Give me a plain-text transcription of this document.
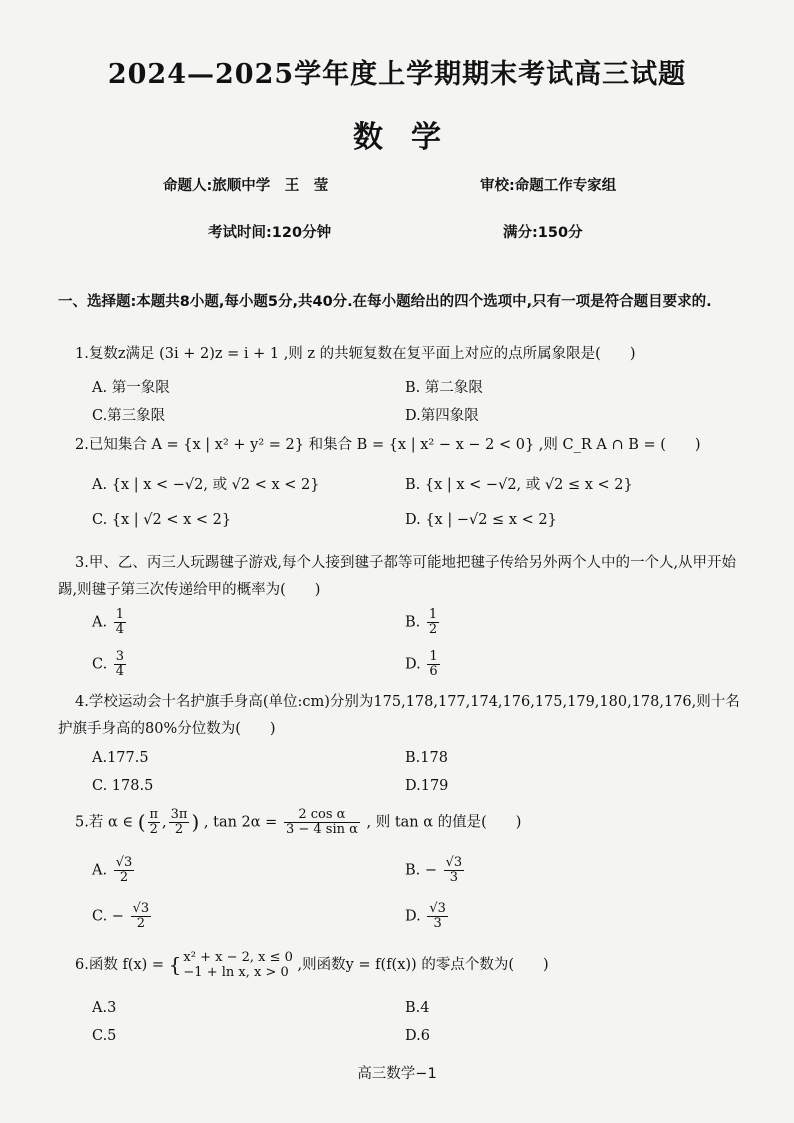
2024—2025学年度上学期期末考试高三试题
数学
命题人:旅顺中学　王　莹	审校:命题工作专家组
考试时间:120分钟	满分:150分
一、选择题:本题共8小题,每小题5分,共40分.在每小题给出的四个选项中,只有一项是符合题目要求的.
1.复数z满足 (3i + 2)z = i + 1 ,则 z 的共轭复数在复平面上对应的点所属象限是(　　)
A. 第一象限	B. 第二象限
C.第三象限	D.第四象限
2.已知集合 A = {x | x² + y² = 2} 和集合 B = {x | x² − x − 2 < 0} ,则 C_R A ∩ B = (　　)
A. {x | x < −√2, 或 √2 < x < 2}	B. {x | x < −√2, 或 √2 ≤ x < 2}
C. {x | √2 < x < 2}	D. {x | −√2 ≤ x < 2}
3.甲、乙、丙三人玩踢毽子游戏,每个人接到毽子都等可能地把毽子传给另外两个人中的一个人,从甲开始踢,则毽子第三次传递给甲的概率为(　　)
A. $\frac{1}{4}$	B. $\frac{1}{2}$
C. $\frac{3}{4}$	D. $\frac{1}{6}$
4.学校运动会十名护旗手身高(单位:cm)分别为175,178,177,174,176,175,179,180,178,176,则十名护旗手身高的80%分位数为(　　)
A.177.5	B.178
C. 178.5	D.179
5.若 α ∈ ( $\frac{\pi}{2}$ , $\frac{3\pi}{2}$ ) , $\tan 2\alpha = \frac{\text{2 cos α}}{\text{3 − 4 sin α}}$ , 则 tan α 的值是(　　)
A. $\frac{√3}{2}$	B. − $\frac{√3}{3}$
C. − $\frac{√3}{2}$	D. $\frac{√3}{3}$
6.函数 f(x) = { x² + x − 2, x ≤ 0
−1 + ln x, x > 0 ,则函数y = f(f(x)) 的零点个数为(　　)
A.3	B.4
C.5	D.6
高三数学−1
